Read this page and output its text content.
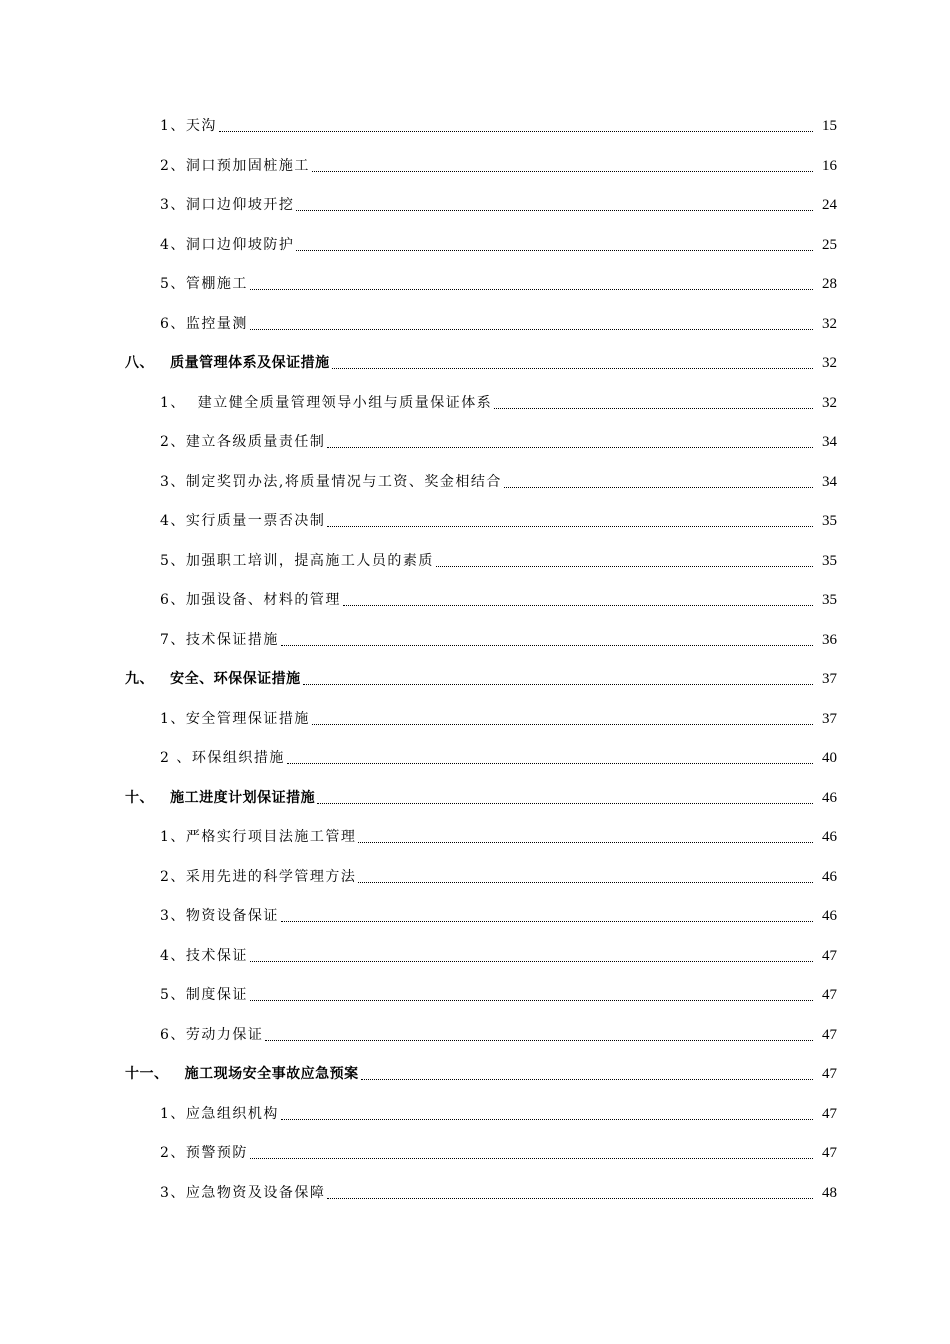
1、天沟	15
2、洞口预加固桩施工	16
3、洞口边仰坡开挖	24
4、洞口边仰坡防护	25
5、管棚施工	28
6、监控量测	32
八、   质量管理体系及保证措施	32
1、  建立健全质量管理领导小组与质量保证体系	32
2、建立各级质量责任制	34
3、制定奖罚办法,将质量情况与工资、奖金相结合	34
4、实行质量一票否决制	35
5、加强职工培训，提高施工人员的素质	35
6、加强设备、材料的管理	35
7、技术保证措施	36
九、   安全、环保保证措施	37
1、安全管理保证措施	37
2 、环保组织措施	40
十、   施工进度计划保证措施	46
1、严格实行项目法施工管理	46
2、采用先进的科学管理方法	46
3、物资设备保证	46
4、技术保证	47
5、制度保证	47
6、劳动力保证	47
十一、   施工现场安全事故应急预案	47
1、应急组织机构	47
2、预警预防	47
3、应急物资及设备保障	48
